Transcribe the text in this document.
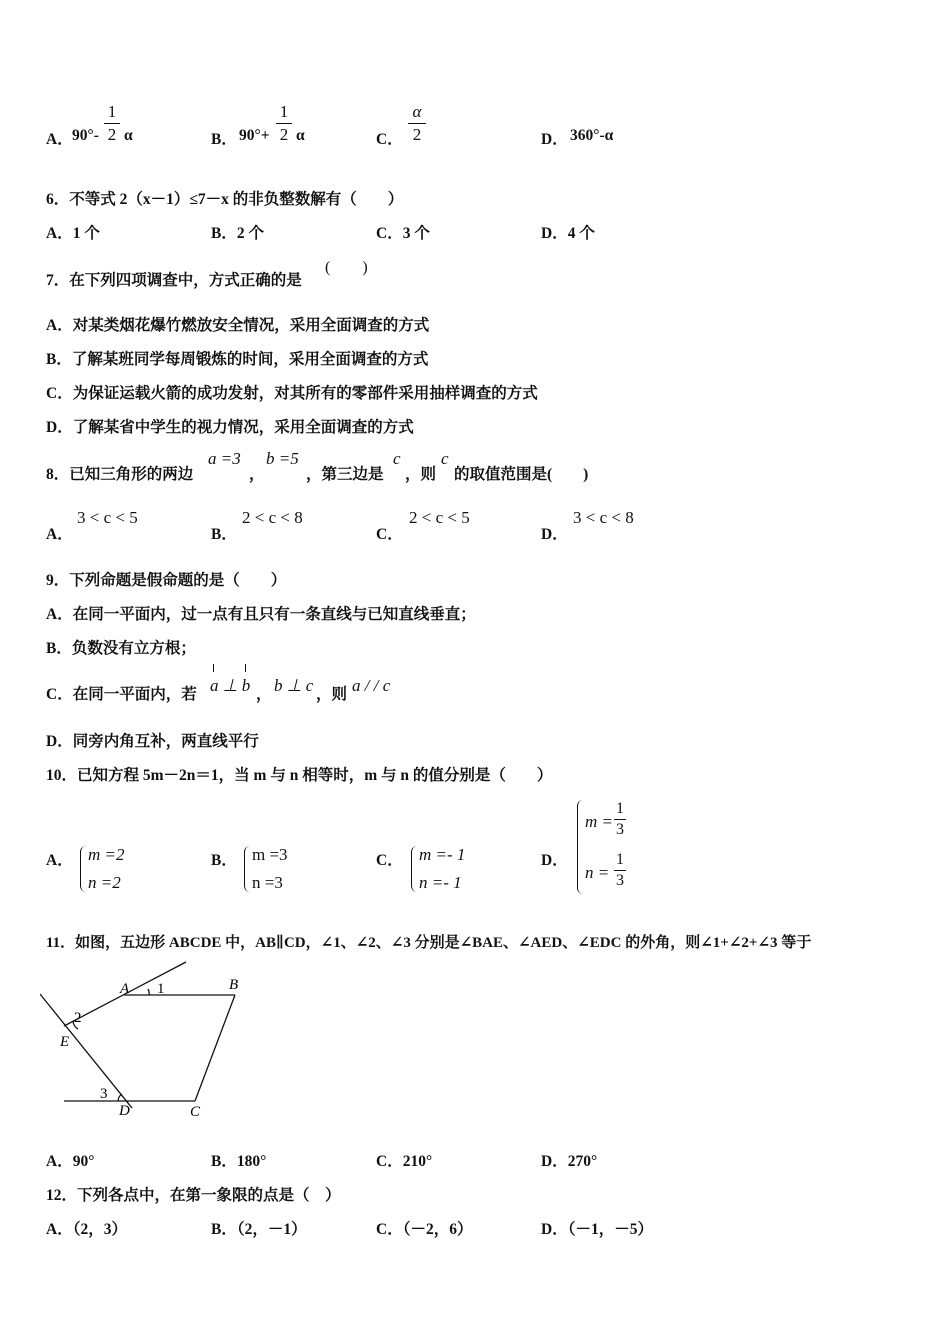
A． 90°-
1
2 α	B． 90°+
1
2 α	C．
α
2	D． 360°-α
6．不等式 2（x－1）≤7－x 的非负整数解有（　　）
A．1 个	B．2 个	C．3 个	D．4 个
7．在下列四项调查中，方式正确的是
(　　)
A．对某类烟花爆竹燃放安全情况，采用全面调查的方式
B．了解某班同学每周锻炼的时间，采用全面调查的方式
C．为保证运载火箭的成功发射，对其所有的零部件采用抽样调查的方式
D．了解某省中学生的视力情况，采用全面调查的方式
8．已知三角形的两边
a =3
，
b =5
，第三边是
c
，则
c
的取值范围是(　　)
A．
3 < c < 5
B．
2 < c < 8
C．
2 < c < 5
D．
3 < c < 8
9．下列命题是假命题的是（　　）
A．在同一平面内，过一点有且只有一条直线与已知直线垂直；
B．负数没有立方根；
C．在同一平面内，若 a ⊥ b ， b ⊥ c ，则 a / / c
D．同旁内角互补，两直线平行
10．已知方程 5m－2n＝1，当 m 与 n 相等时，m 与 n 的值分别是（　　）
A． m =2
n =2
B． m =3
n =3
C． m =- 1
n =- 1
D．
m =
1
3
n =
1
3
11．如图，五边形 ABCDE 中，AB∥CD，∠1、∠2、∠3 分别是∠BAE、∠AED、∠EDC 的外角，则∠1+∠2+∠3 等于
A	B
C
D
E
1
2
3
A．90°	B．180°	C．210°	D．270°
12．下列各点中，在第一象限的点是（　）
A．（2，3）	B．（2，－1）	C．（－2，6）	D．（－1，－5）
